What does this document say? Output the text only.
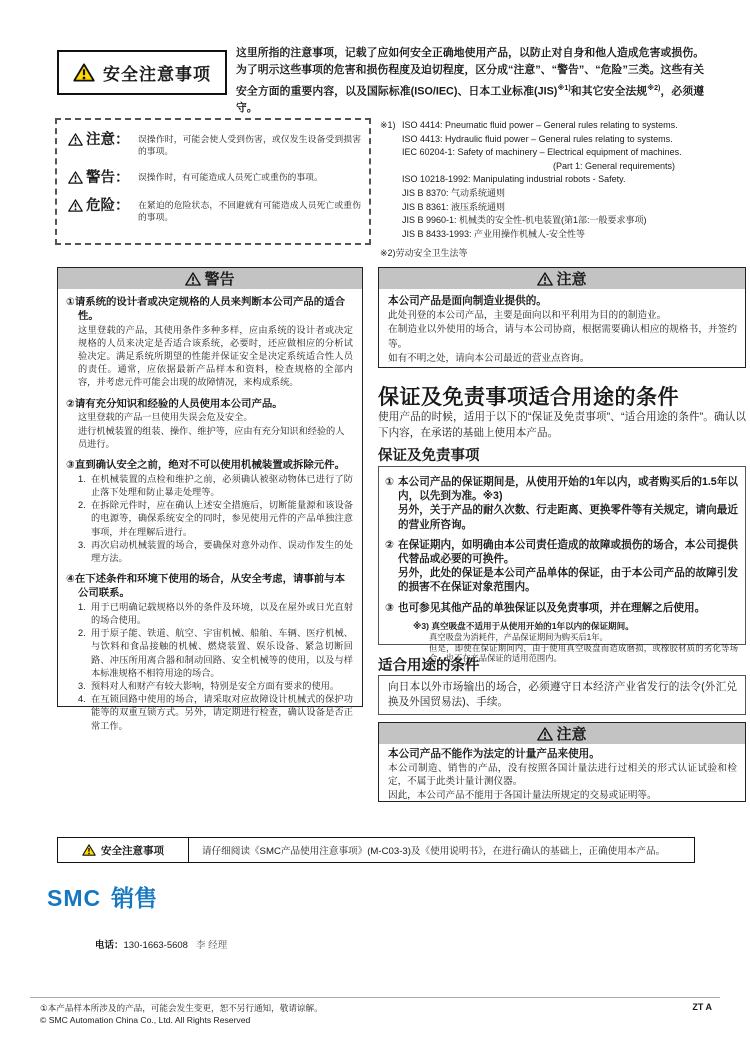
安全注意事项
这里所指的注意事项，记载了应如何安全正确地使用产品，以防止对自身和他人造成危害或损伤。为了明示这些事项的危害和损伤程度及迫切程度，区分成“注意”、“警告”、“危险”三类。这些有关安全方面的重要内容，以及国际标准(ISO/IEC)、日本工业标准(JIS)$^{※1)}$和其它安全法规$^{※2)}$，必须遵守。
注意： 误操作时，可能会使人受到伤害，或仅发生设备受到损害的事项。
警告： 误操作时，有可能造成人员死亡或重伤的事项。
危险： 在紧迫的危险状态，不回避就有可能造成人员死亡或重伤的事项。
※1) ISO 4414: Pneumatic fluid power – General rules relating to systems.
ISO 4413: Hydraulic fluid power – General rules relating to systems.
IEC 60204-1: Safety of machinery – Electrical equipment of machines.
(Part 1: General requirements)
ISO 10218-1992: Manipulating industrial robots - Safety.
JIS B 8370: 气动系统通则
JIS B 8361: 液压系统通则
JIS B 9960-1: 机械类的安全性-机电装置(第1部:一般要求事项)
JIS B 8433-1993: 产业用操作机械人-安全性等
※2)劳动安全卫生法等
警告
①请系统的设计者或决定规格的人员来判断本公司产品的适合性。
这里登载的产品，其使用条件多种多样，应由系统的设计者或决定规格的人员来决定是否适合该系统，必要时，还应做相应的分析试验决定。满足系统所期望的性能并保证安全是决定系统适合性人员的责任。通常，应依据最新产品样本和资料，检查规格的全部内容，并考虑元件可能会出现的故障情况，来构成系统。
②请有充分知识和经验的人员使用本公司产品。
这里登载的产品一旦使用失误会危及安全。
进行机械装置的组装、操作、维护等，应由有充分知识和经验的人员进行。
③直到确认安全之前，绝对不可以使用机械装置或拆除元件。
1. 在机械装置的点检和维护之前，必须确认被驱动物体已进行了防止落下处理和防止暴走处理等。
2. 在拆除元件时，应在确认上述安全措施后，切断能量源和该设备的电源等，确保系统安全的同时，参见使用元件的产品单独注意事项，并在理解后进行。
3. 再次启动机械装置的场合，要确保对意外动作、误动作发生的处理方法。
④在下述条件和环境下使用的场合，从安全考虑，请事前与本公司联系。
1. 用于已明确记载规格以外的条件及环境，以及在屋外或日光直射的场合使用。
2. 用于原子能、铁道、航空、宇宙机械、船舶、车辆、医疗机械、与饮料和食品接触的机械、燃烧装置、娱乐设备、紧急切断回路、冲压所用离合器和制动回路、安全机械等的使用，以及与样本标准规格不相符用途的场合。
3. 预料对人和财产有较大影响，特别是安全方面有要求的使用。
4. 在互锁回路中使用的场合，请采取对应故障设计机械式的保护功能等的双重互锁方式。另外，请定期进行检查，确认设备是否正常工作。
注意
本公司产品是面向制造业提供的。
此处刊登的本公司产品，主要是面向以和平利用为目的的制造业。
在制造业以外使用的场合，请与本公司协商，根据需要确认相应的规格书，并签约等。
如有不明之处，请向本公司最近的营业点咨询。
保证及免责事项适合用途的条件
使用产品的时候，适用于以下的“保证及免责事项”、“适合用途的条件”。确认以下内容，在承诺的基础上使用本产品。
保证及免责事项
① 本公司产品的保证期间是，从使用开始的1年以内，或者购买后的1.5年以内，以先到为准。※3)
另外，关于产品的耐久次数、行走距离、更换零件等有关规定，请向最近的营业所咨询。
② 在保证期内，如明确由本公司责任造成的故障或损伤的场合，本公司提供代替品或必要的可换件。
另外，此处的保证是本公司产品单体的保证，由于本公司产品的故障引发的损害不在保证对象范围内。
③ 也可参见其他产品的单独保证以及免责事项，并在理解之后使用。
※3) 真空吸盘不适用于从使用开始的1年以内的保证期间。
真空吸盘为消耗件，产品保证期间为购买后1年。
但是，即使在保证期间内，由于使用真空吸盘而造成磨损，或橡胶材质的劣化等场合，也不在产品保证的适用范围内。
适合用途的条件
向日本以外市场输出的场合，必须遵守日本经济产业省发行的法令(外汇兑换及外国贸易法)、手续。
注意
本公司产品不能作为法定的计量产品来使用。
本公司制造、销售的产品，没有按照各国计量法进行过相关的形式认证试验和检定，不属于此类计量计测仪器。
因此，本公司产品不能用于各国计量法所规定的交易或证明等。
安全注意事项	请仔细阅读《SMC产品使用注意事项》(M-C03-3)及《使用说明书》，在进行确认的基础上，正确使用本产品。
SMC 销售
电话：130-1663-5608 李 经理
①本产品样本所涉及的产品，可能会发生变更，恕不另行通知，敬请谅解。
© SMC Automation China Co., Ltd. All Rights Reserved
ZT A
